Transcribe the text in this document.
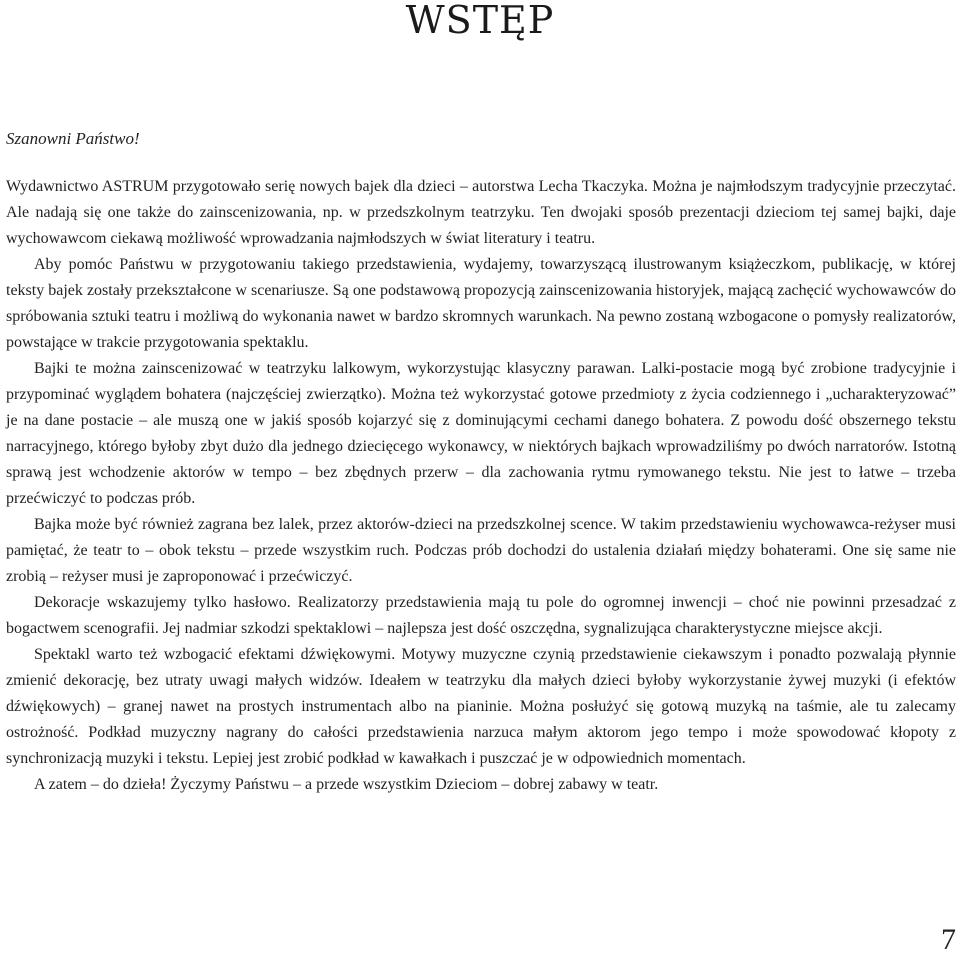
WSTĘP
Szanowni Państwo!

Wydawnictwo ASTRUM przygotowało serię nowych bajek dla dzieci – autorstwa Lecha Tkaczyka. Można je najmłodszym tradycyjnie przeczytać. Ale nadają się one także do zainscenizowania, np. w przedszkolnym teatrzyku. Ten dwojaki sposób prezentacji dzieciom tej samej bajki, daje wychowawcom ciekawą możliwość wprowadzania najmłodszych w świat literatury i teatru.

Aby pomóc Państwu w przygotowaniu takiego przedstawienia, wydajemy, towarzyszącą ilustrowanym książeczkom, publikację, w której teksty bajek zostały przekształcone w scenariusze. Są one podstawową propozycją zainscenizowania historyjek, mającą zachęcić wychowawców do spróbowania sztuki teatru i możliwą do wykonania nawet w bardzo skromnych warunkach. Na pewno zostaną wzbogacone o pomysły realizatorów, powstające w trakcie przygotowania spektaklu.

Bajki te można zainscenizować w teatrzyku lalkowym, wykorzystując klasyczny parawan. Lalki-postacie mogą być zrobione tradycyjnie i przypominać wyglądem bohatera (najczęściej zwierzątko). Można też wykorzystać gotowe przedmioty z życia codziennego i „ucharakteryzować” je na dane postacie – ale muszą one w jakiś sposób kojarzyć się z dominującymi cechami danego bohatera. Z powodu dość obszernego tekstu narracyjnego, którego byłoby zbyt dużo dla jednego dziecięcego wykonawcy, w niektórych bajkach wprowadziliśmy po dwóch narratorów. Istotną sprawą jest wchodzenie aktorów w tempo – bez zbędnych przerw – dla zachowania rytmu rymowanego tekstu. Nie jest to łatwe – trzeba przećwiczyć to podczas prób.

Bajka może być również zagrana bez lalek, przez aktorów-dzieci na przedszkolnej scence. W takim przedstawieniu wychowawca-reżyser musi pamiętać, że teatr to – obok tekstu – przede wszystkim ruch. Podczas prób dochodzi do ustalenia działań między bohaterami. One się same nie zrobią – reżyser musi je zaproponować i przećwiczyć.

Dekoracje wskazujemy tylko hasłowo. Realizatorzy przedstawienia mają tu pole do ogromnej inwencji – choć nie powinni przesadzać z bogactwem scenografii. Jej nadmiar szkodzi spektaklowi – najlepsza jest dość oszczędna, sygnalizująca charakterystyczne miejsce akcji.

Spektakl warto też wzbogacić efektami dźwiękowymi. Motywy muzyczne czynią przedstawienie ciekawszym i ponadto pozwalają płynnie zmienić dekorację, bez utraty uwagi małych widzów. Ideałem w teatrzyku dla małych dzieci byłoby wykorzystanie żywej muzyki (i efektów dźwiękowych) – granej nawet na prostych instrumentach albo na pianinie. Można posłużyć się gotową muzyką na taśmie, ale tu zalecamy ostrożność. Podkład muzyczny nagrany do całości przedstawienia narzuca małym aktorom jego tempo i może spowodować kłopoty z synchronizacją muzyki i tekstu. Lepiej jest zrobić podkład w kawałkach i puszczać je w odpowiednich momentach.

A zatem – do dzieła! Życzymy Państwu – a przede wszystkim Dzieciom – dobrej zabawy w teatr.

7
